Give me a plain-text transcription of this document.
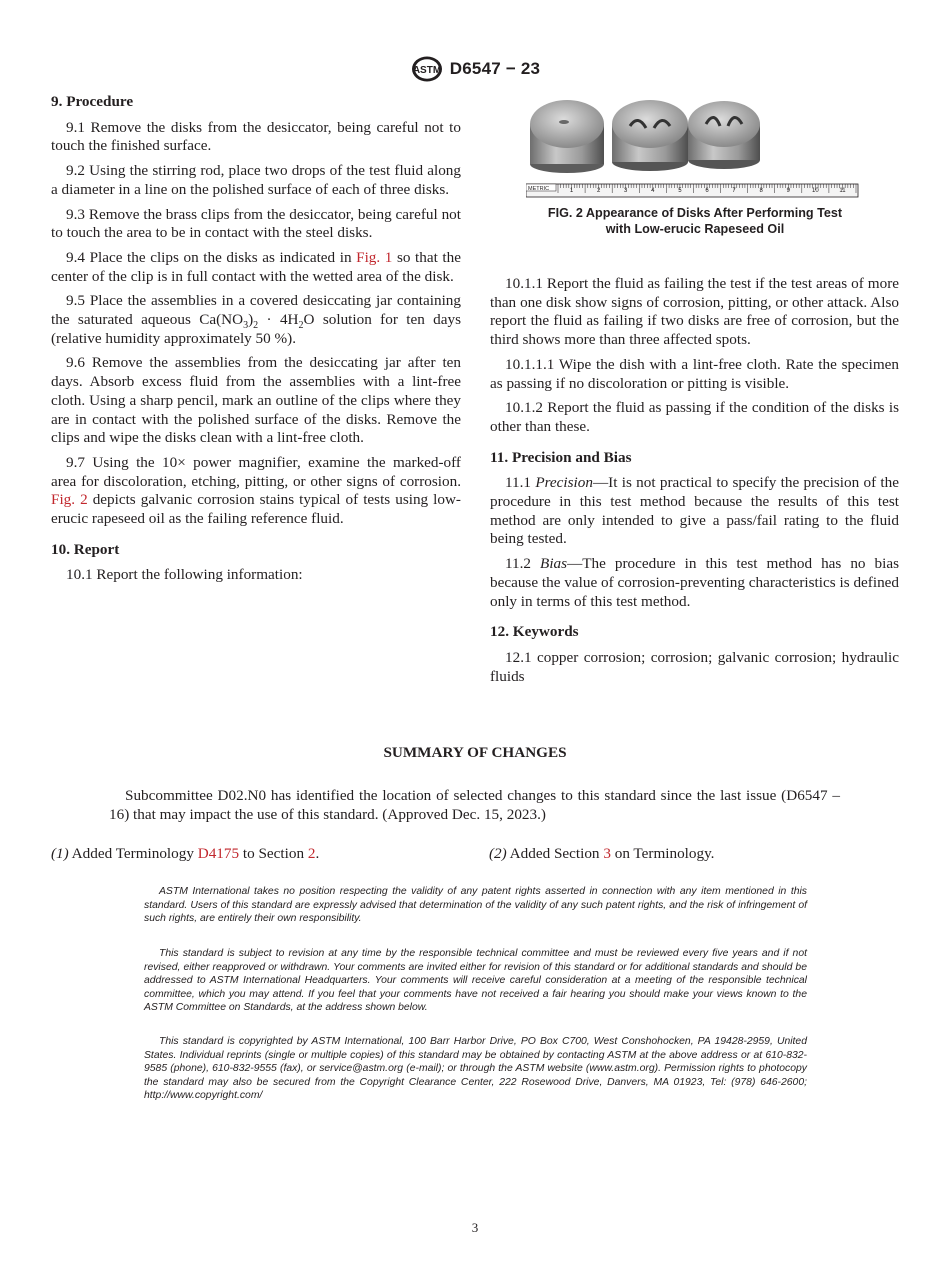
ASTM D6547 − 23
9. Procedure

9.1 Remove the disks from the desiccator, being careful not to touch the finished surface.

9.2 Using the stirring rod, place two drops of the test fluid along a diameter in a line on the polished surface of each of three disks.

9.3 Remove the brass clips from the desiccator, being careful not to touch the area to be in contact with the steel disks.

9.4 Place the clips on the disks as indicated in Fig. 1 so that the center of the clip is in full contact with the wetted area of the disk.

9.5 Place the assemblies in a covered desiccating jar containing the saturated aqueous $Ca(NO_3)_2 \cdot 4H_2O$ solution for ten days (relative humidity approximately 50 %).

9.6 Remove the assemblies from the desiccating jar after ten days. Absorb excess fluid from the assemblies with a lint-free cloth. Using a sharp pencil, mark an outline of the clips where they are in contact with the polished surface of the disks. Remove the clips and wipe the disks clean with a lint-free cloth.

9.7 Using the 10× power magnifier, examine the marked-off area for discoloration, etching, pitting, or other signs of corrosion. Fig. 2 depicts galvanic corrosion stains typical of tests using low-erucic rapeseed oil as the failing reference fluid.

10. Report

10.1 Report the following information:

METRIC	1	2	3	4	5	6	7	8	9	10	11
FIG. 2 Appearance of Disks After Performing Test
with Low-erucic Rapeseed Oil

10.1.1 Report the fluid as failing the test if the test areas of more than one disk show signs of corrosion, pitting, or other attack. Also report the fluid as failing if two disks are free of corrosion, but the third shows more than three affected spots.

10.1.1.1 Wipe the dish with a lint-free cloth. Rate the specimen as passing if no discoloration or pitting is visible.

10.1.2 Report the fluid as passing if the condition of the disks is other than these.

11. Precision and Bias

11.1 Precision—It is not practical to specify the precision of the procedure in this test method because the results of this test method are only intended to give a pass/fail rating to the fluid being tested.

11.2 Bias—The procedure in this test method has no bias because the value of corrosion-preventing characteristics is defined only in terms of this test method.

12. Keywords

12.1 copper corrosion; corrosion; galvanic corrosion; hydraulic fluids

SUMMARY OF CHANGES
Subcommittee D02.N0 has identified the location of selected changes to this standard since the last issue (D6547 – 16) that may impact the use of this standard. (Approved Dec. 15, 2023.)
(1) Added Terminology D4175 to Section 2.	(2) Added Section 3 on Terminology.
ASTM International takes no position respecting the validity of any patent rights asserted in connection with any item mentioned in this standard. Users of this standard are expressly advised that determination of the validity of any such patent rights, and the risk of infringement of such rights, are entirely their own responsibility.
This standard is subject to revision at any time by the responsible technical committee and must be reviewed every five years and if not revised, either reapproved or withdrawn. Your comments are invited either for revision of this standard or for additional standards and should be addressed to ASTM International Headquarters. Your comments will receive careful consideration at a meeting of the responsible technical committee, which you may attend. If you feel that your comments have not received a fair hearing you should make your views known to the ASTM Committee on Standards, at the address shown below.
This standard is copyrighted by ASTM International, 100 Barr Harbor Drive, PO Box C700, West Conshohocken, PA 19428-2959, United States. Individual reprints (single or multiple copies) of this standard may be obtained by contacting ASTM at the above address or at 610-832-9585 (phone), 610-832-9555 (fax), or service@astm.org (e-mail); or through the ASTM website (www.astm.org). Permission rights to photocopy the standard may also be secured from the Copyright Clearance Center, 222 Rosewood Drive, Danvers, MA 01923, Tel: (978) 646-2600; http://www.copyright.com/
3
